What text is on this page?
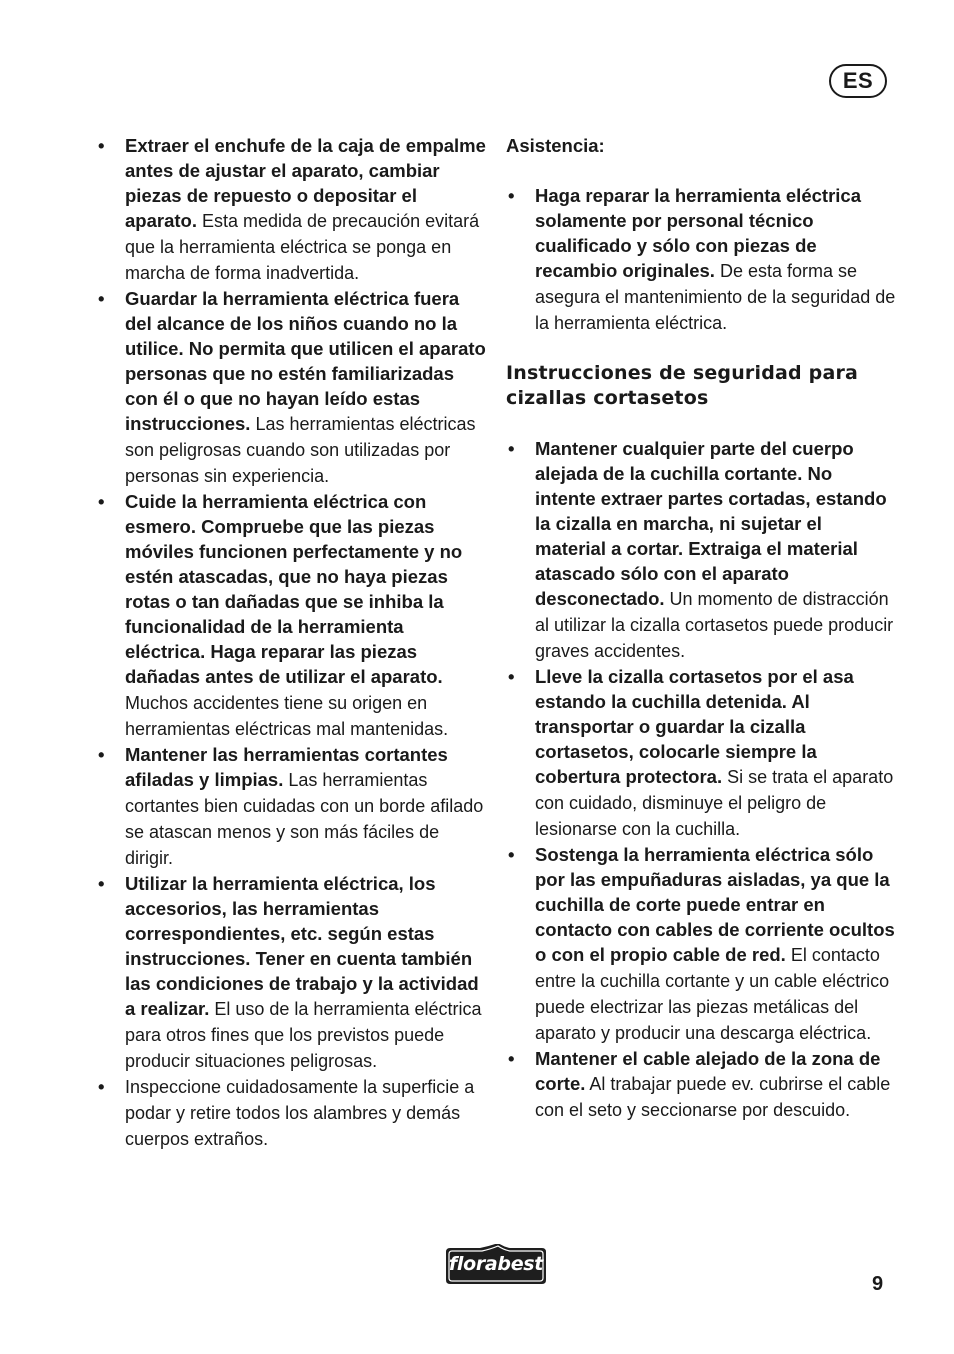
ES
• Extraer el enchufe de la caja de empalme antes de ajustar el aparato, cambiar piezas de repuesto o depositar el aparato. Esta medida de precaución evitará que la herramienta eléctrica se ponga en marcha de forma inadvertida.
• Guardar la herramienta eléctrica fuera del alcance de los niños cuando no la utilice. No permita que utilicen el aparato personas que no estén familiarizadas con él o que no hayan leído estas instrucciones. Las herramientas eléctricas son peligrosas cuando son utilizadas por personas sin experiencia.
• Cuide la herramienta eléctrica con esmero. Compruebe que las piezas móviles funcionen perfectamente y no estén atascadas, que no haya piezas rotas o tan dañadas que se inhiba la funcionalidad de la herramienta eléctrica. Haga reparar las piezas dañadas antes de utilizar el aparato. Muchos accidentes tiene su origen en herramientas eléctricas mal mantenidas.
• Mantener las herramientas cortantes afiladas y limpias. Las herramientas cortantes bien cuidadas con un borde afilado se atascan menos y son más fáciles de dirigir.
• Utilizar la herramienta eléctrica, los accesorios, las herramientas correspondientes, etc. según estas instrucciones. Tener en cuenta también las condiciones de trabajo y la actividad a realizar. El uso de la herramienta eléctrica para otros fines que los previstos puede producir situaciones peligrosas.
• Inspeccione cuidadosamente la superficie a podar y retire todos los alambres y demás cuerpos extraños.
Asistencia:
• Haga reparar la herramienta eléctrica solamente por personal técnico cualificado y sólo con piezas de recambio originales. De esta forma se asegura el mantenimiento de la seguridad de la herramienta eléctrica.
Instrucciones de seguridad para cizallas cortasetos
• Mantener cualquier parte del cuerpo alejada de la cuchilla cortante. No intente extraer partes cortadas, estando la cizalla en marcha, ni sujetar el material a cortar. Extraiga el material atascado sólo con el aparato desconectado. Un momento de distracción al utilizar la cizalla cortasetos puede producir graves accidentes.
• Lleve la cizalla cortasetos por el asa estando la cuchilla detenida. Al transportar o guardar la cizalla cortasetos, colocarle siempre la cobertura protectora. Si se trata el aparato con cuidado, disminuye el peligro de lesionarse con la cuchilla.
• Sostenga la herramienta eléctrica sólo por las empuñaduras aisladas, ya que la cuchilla de corte puede entrar en contacto con cables de corriente ocultos o con el propio cable de red. El contacto entre la cuchilla cortante y un cable eléctrico puede electrizar las piezas metálicas del aparato y producir una descarga eléctrica.
• Mantener el cable alejado de la zona de corte. Al trabajar puede ev. cubrirse el cable con el seto y seccionarse por descuido.
florabest
9
